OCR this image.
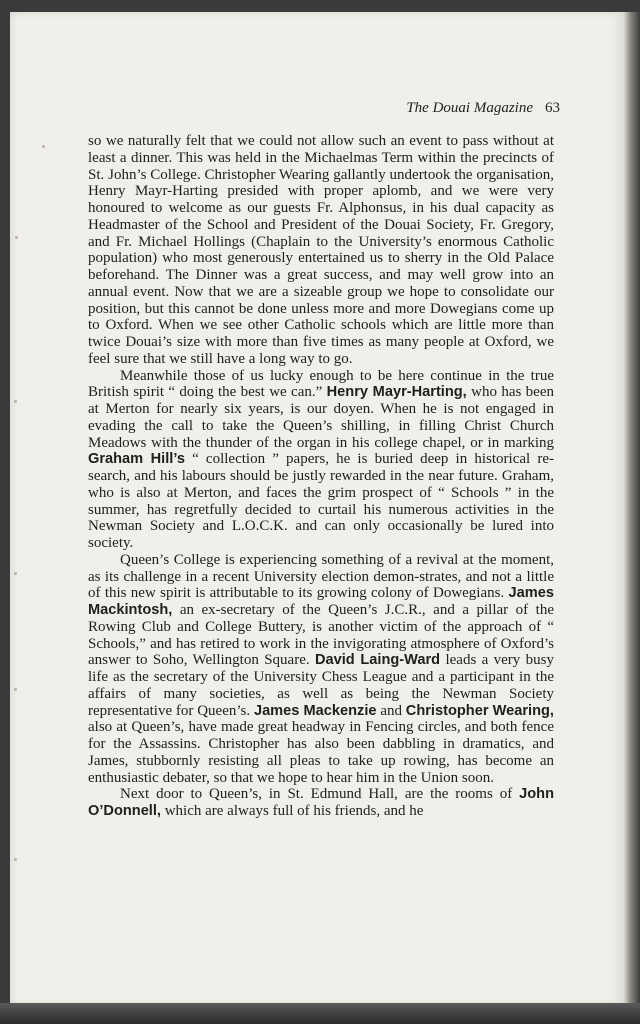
The Douai Magazine 63

so we naturally felt that we could not allow such an event to pass without at least a dinner. This was held in the Michaelmas Term within the precincts of St. John’s College. Christopher Wearing gallantly undertook the organisation, Henry Mayr-Harting presided with proper aplomb, and we were very honoured to welcome as our guests Fr. Alphonsus, in his dual capacity as Headmaster of the School and President of the Douai Society, Fr. Gregory, and Fr. Michael Hollings (Chaplain to the University’s enormous Catholic population) who most generously entertained us to sherry in the Old Palace beforehand. The Dinner was a great success, and may well grow into an annual event. Now that we are a sizeable group we hope to consolidate our position, but this cannot be done unless more and more Dowegians come up to Oxford. When we see other Catholic schools which are little more than twice Douai’s size with more than five times as many people at Oxford, we feel sure that we still have a long way to go.

Meanwhile those of us lucky enough to be here continue in the true British spirit “ doing the best we can.” Henry Mayr-Harting, who has been at Merton for nearly six years, is our doyen. When he is not engaged in evading the call to take the Queen’s shilling, in filling Christ Church Meadows with the thunder of the organ in his college chapel, or in marking Graham Hill’s “ collection ” papers, he is buried deep in historical re-search, and his labours should be justly rewarded in the near future. Graham, who is also at Merton, and faces the grim prospect of “ Schools ” in the summer, has regretfully decided to curtail his numerous activities in the Newman Society and L.O.C.K. and can only occasionally be lured into society.

Queen’s College is experiencing something of a revival at the moment, as its challenge in a recent University election demon-strates, and not a little of this new spirit is attributable to its growing colony of Dowegians. James Mackintosh, an ex-secretary of the Queen’s J.C.R., and a pillar of the Rowing Club and College Buttery, is another victim of the approach of “ Schools,” and has retired to work in the invigorating atmosphere of Oxford’s answer to Soho, Wellington Square. David Laing-Ward leads a very busy life as the secretary of the University Chess League and a participant in the affairs of many societies, as well as being the Newman Society representative for Queen’s. James Mackenzie and Christopher Wearing, also at Queen’s, have made great headway in Fencing circles, and both fence for the Assassins. Christopher has also been dabbling in dramatics, and James, stubbornly resisting all pleas to take up rowing, has become an enthusiastic debater, so that we hope to hear him in the Union soon.

Next door to Queen’s, in St. Edmund Hall, are the rooms of John O’Donnell, which are always full of his friends, and he
